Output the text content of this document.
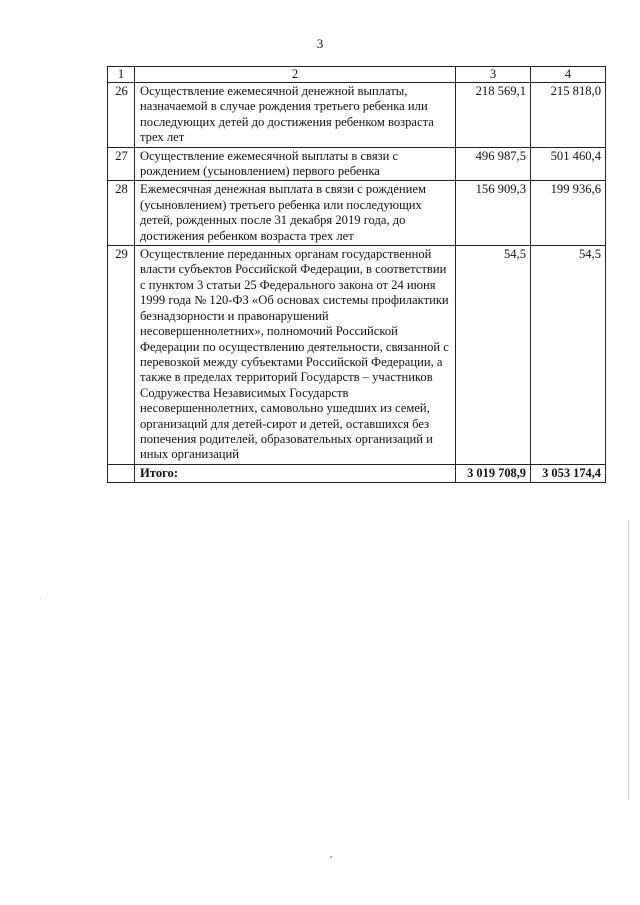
3
1	2	3	4
26	Осуществление ежемесячной денежной выплаты, назначаемой в случае рождения третьего ребенка или последующих детей до достижения ребенком возраста трех лет	218 569,1	215 818,0
27	Осуществление ежемесячной выплаты в связи с рождением (усыновлением) первого ребенка	496 987,5	501 460,4
28	Ежемесячная денежная выплата в связи с рождением (усыновлением) третьего ребенка или последующих детей, рожденных после 31 декабря 2019 года, до достижения ребенком возраста трех лет	156 909,3	199 936,6
29	Осуществление переданных органам государственной власти субъектов Российской Федерации, в соответствии с пунктом 3 статьи 25 Федерального закона от 24 июня 1999 года № 120-ФЗ «Об основах системы профилактики безнадзорности и правонарушений несовершеннолетних», полномочий Российской Федерации по осуществлению деятельности, связанной с перевозкой между субъектами Российской Федерации, а также в пределах территорий Государств – участников Содружества Независимых Государств несовершеннолетних, самовольно ушедших из семей, организаций для детей-сирот и детей, оставшихся без попечения родителей, образовательных организаций и иных организаций	54,5	54,5
	Итого:	3 019 708,9	3 053 174,4
